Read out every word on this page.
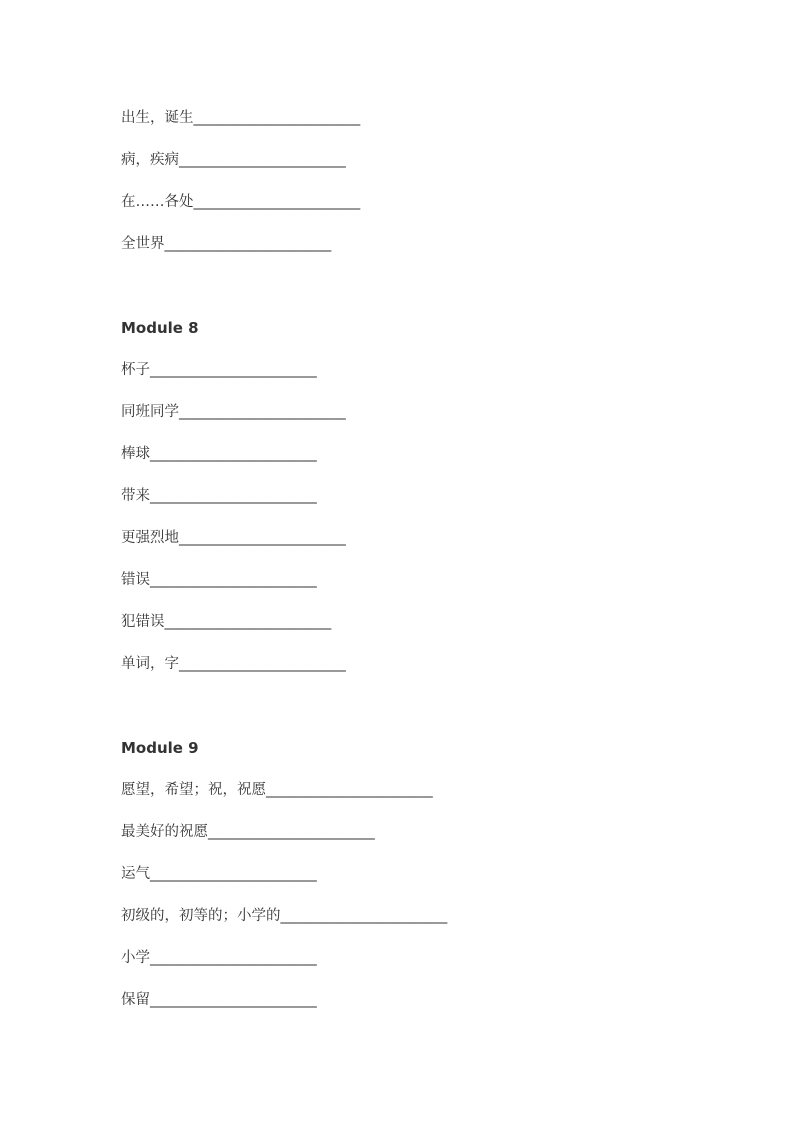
出生，诞生_______________________
病，疾病_______________________
在……各处_______________________
全世界_______________________
Module 8
杯子_______________________
同班同学_______________________
棒球_______________________
带来_______________________
更强烈地_______________________
错误_______________________
犯错误_______________________
单词，字_______________________
Module 9
愿望，希望；祝，祝愿_______________________
最美好的祝愿_______________________
运气_______________________
初级的，初等的；小学的_______________________
小学_______________________
保留_______________________
